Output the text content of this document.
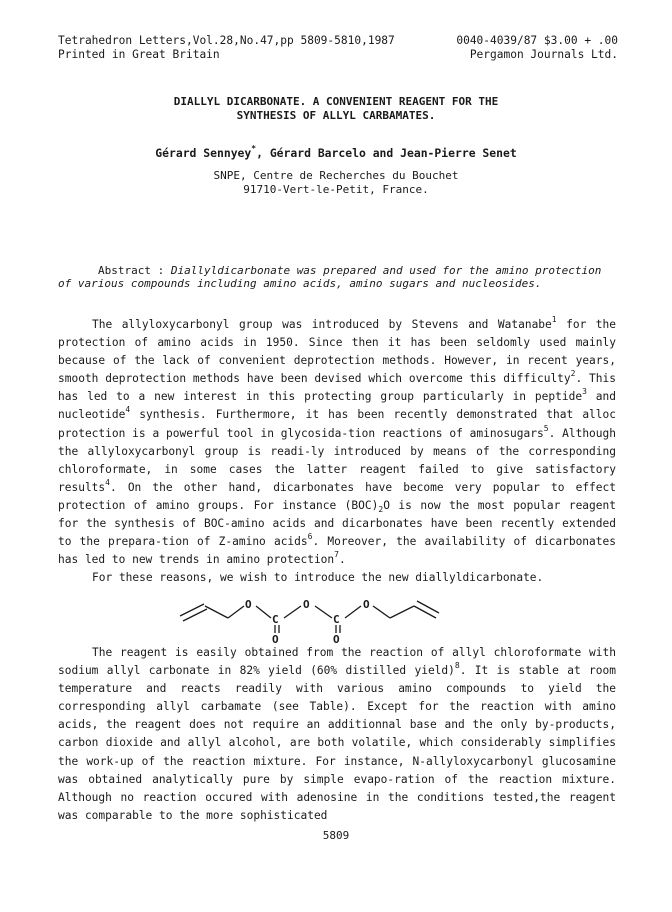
Tetrahedron Letters,Vol.28,No.47,pp 5809-5810,1987	0040-4039/87 $3.00 + .00
Printed in Great Britain	Pergamon Journals Ltd.
DIALLYL DICARBONATE. A CONVENIENT REAGENT FOR THE
SYNTHESIS OF ALLYL CARBAMATES.
Gérard Sennyey*, Gérard Barcelo and Jean-Pierre Senet
SNPE, Centre de Recherches du Bouchet
91710-Vert-le-Petit, France.
Abstract : Diallyldicarbonate was prepared and used for the amino protection of various compounds including amino acids, amino sugars and nucleosides.

The allyloxycarbonyl group was introduced by Stevens and Watanabe$^1$ for the protection of amino acids in 1950. Since then it has been seldomly used mainly because of the lack of convenient deprotection methods. However, in recent years, smooth deprotection methods have been devised which overcome this difficulty$^2$. This has led to a new interest in this protecting group particularly in peptide$^3$ and nucleotide$^4$ synthesis. Furthermore, it has been recently demonstrated that alloc protection is a powerful tool in glycosida-tion reactions of aminosugars$^5$. Although the allyloxycarbonyl group is readi-ly introduced by means of the corresponding chloroformate, in some cases the latter reagent failed to give satisfactory results$^4$. On the other hand, dicarbonates have become very popular to effect protection of amino groups. For instance $(BOC)_2O$ is now the most popular reagent for the synthesis of BOC-amino acids and dicarbonates have been recently extended to the prepara-tion of Z-amino acids$^6$. Moreover, the availability of dicarbonates has led to new trends in amino protection$^7$.

For these reasons, we wish to introduce the new diallyldicarbonate.

O
C
O
C
O
O	O

The reagent is easily obtained from the reaction of allyl chloroformate with sodium allyl carbonate in 82% yield (60% distilled yield)$^8$. It is stable at room temperature and reacts readily with various amino compounds to yield the corresponding allyl carbamate (see Table). Except for the reaction with amino acids, the reagent does not require an additionnal base and the only by-products, carbon dioxide and allyl alcohol, are both volatile, which considerably simplifies the work-up of the reaction mixture. For instance, N-allyloxycarbonyl glucosamine was obtained analytically pure by simple evapo-ration of the reaction mixture. Although no reaction occured with adenosine in the conditions tested,the reagent was comparable to the more sophisticated

5809
